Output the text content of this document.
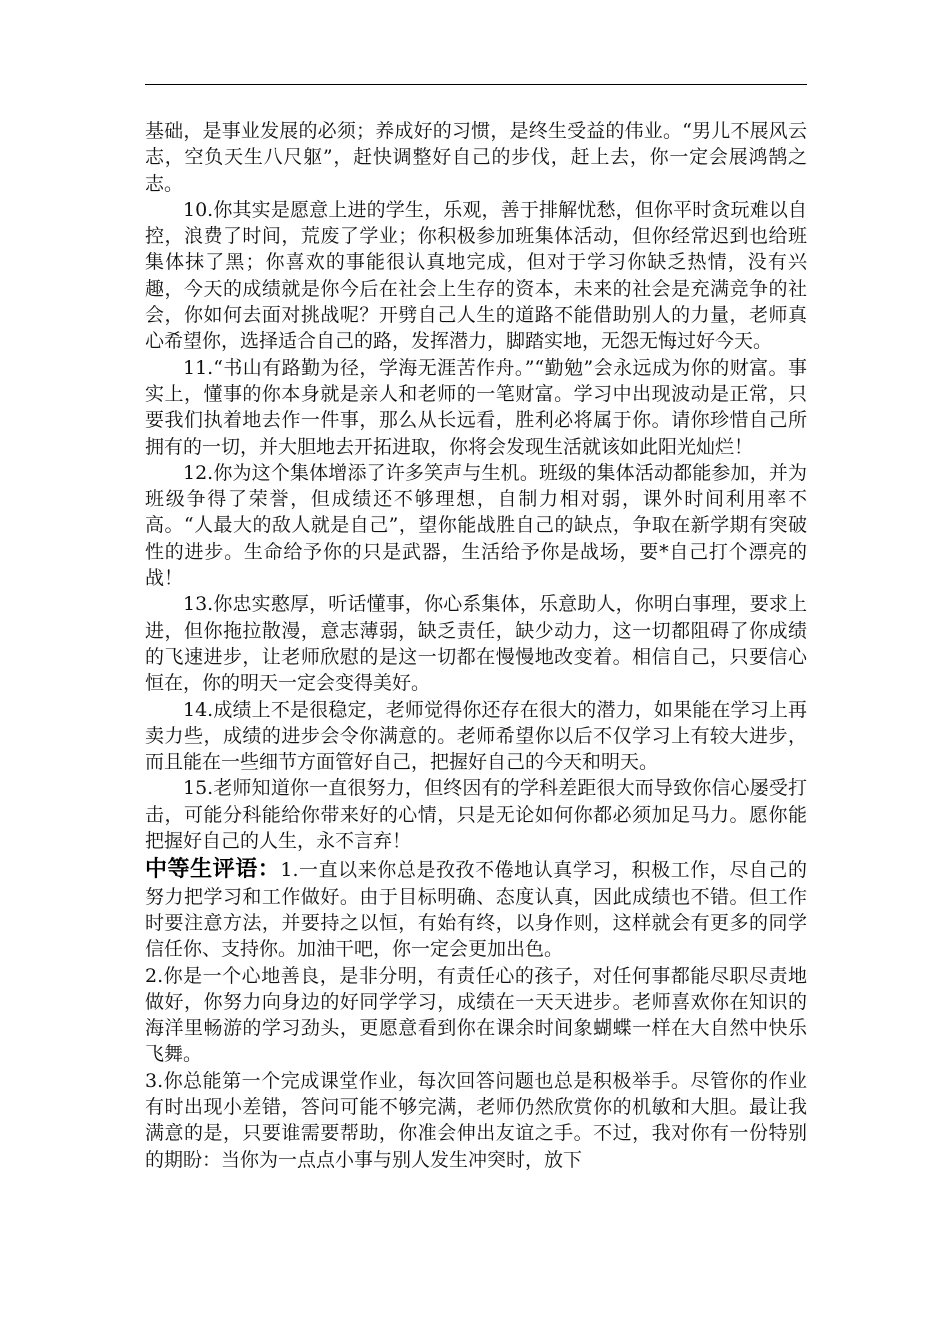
基础，是事业发展的必须；养成好的习惯，是终生受益的伟业。“男儿不展风云志，空负天生八尺躯”，赶快调整好自己的步伐，赶上去，你一定会展鸿鹄之志。

10.你其实是愿意上进的学生，乐观，善于排解忧愁，但你平时贪玩难以自控，浪费了时间，荒废了学业；你积极参加班集体活动，但你经常迟到也给班集体抹了黑；你喜欢的事能很认真地完成，但对于学习你缺乏热情，没有兴趣，今天的成绩就是你今后在社会上生存的资本，未来的社会是充满竞争的社会，你如何去面对挑战呢？开劈自己人生的道路不能借助别人的力量，老师真心希望你，选择适合自己的路，发挥潜力，脚踏实地，无怨无悔过好今天。

11.“书山有路勤为径，学海无涯苦作舟。”“勤勉”会永远成为你的财富。事实上，懂事的你本身就是亲人和老师的一笔财富。学习中出现波动是正常，只要我们执着地去作一件事，那么从长远看，胜利必将属于你。请你珍惜自己所拥有的一切，并大胆地去开拓进取，你将会发现生活就该如此阳光灿烂！

12.你为这个集体增添了许多笑声与生机。班级的集体活动都能参加，并为班级争得了荣誉，但成绩还不够理想，自制力相对弱，课外时间利用率不高。“人最大的敌人就是自己”，望你能战胜自己的缺点，争取在新学期有突破性的进步。生命给予你的只是武器，生活给予你是战场，要*自己打个漂亮的战！

13.你忠实憨厚，听话懂事，你心系集体，乐意助人，你明白事理，要求上进，但你拖拉散漫，意志薄弱，缺乏责任，缺少动力，这一切都阻碍了你成绩的飞速进步，让老师欣慰的是这一切都在慢慢地改变着。相信自己，只要信心恒在，你的明天一定会变得美好。

14.成绩上不是很稳定，老师觉得你还存在很大的潜力，如果能在学习上再卖力些，成绩的进步会令你满意的。老师希望你以后不仅学习上有较大进步，而且能在一些细节方面管好自己，把握好自己的今天和明天。

15.老师知道你一直很努力，但终因有的学科差距很大而导致你信心屡受打击，可能分科能给你带来好的心情，只是无论如何你都必须加足马力。愿你能把握好自己的人生，永不言弃！

中等生评语：1.一直以来你总是孜孜不倦地认真学习，积极工作，尽自己的努力把学习和工作做好。由于目标明确、态度认真，因此成绩也不错。但工作时要注意方法，并要持之以恒，有始有终，以身作则，这样就会有更多的同学信任你、支持你。加油干吧，你一定会更加出色。

2.你是一个心地善良，是非分明，有责任心的孩子，对任何事都能尽职尽责地做好，你努力向身边的好同学学习，成绩在一天天进步。老师喜欢你在知识的海洋里畅游的学习劲头，更愿意看到你在课余时间象蝴蝶一样在大自然中快乐飞舞。

3.你总能第一个完成课堂作业，每次回答问题也总是积极举手。尽管你的作业有时出现小差错，答问可能不够完满，老师仍然欣赏你的机敏和大胆。最让我满意的是，只要谁需要帮助，你准会伸出友谊之手。不过，我对你有一份特别的期盼：当你为一点点小事与别人发生冲突时，放下
